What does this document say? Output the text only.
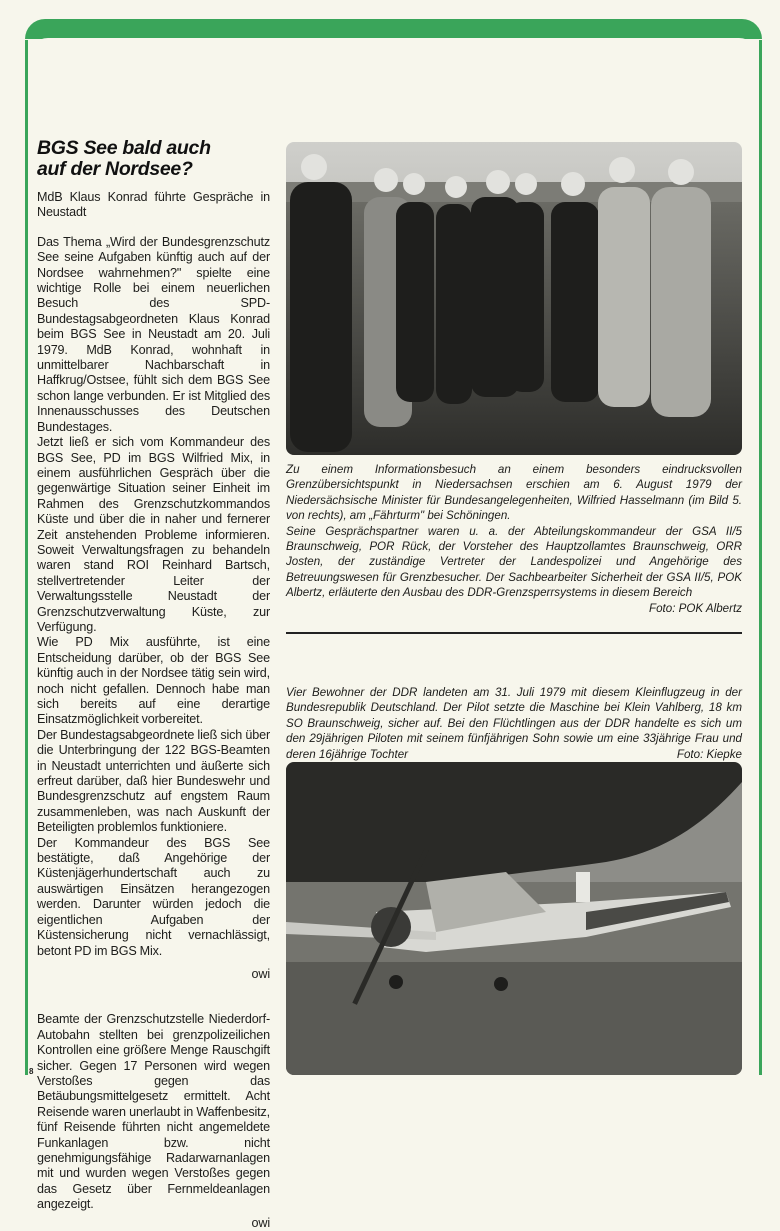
BGS See bald auch
auf der Nordsee?

MdB Klaus Konrad führte Gespräche in Neustadt

Das Thema „Wird der Bundesgrenzschutz See seine Aufgaben künftig auch auf der Nordsee wahrnehmen?" spielte eine wichtige Rolle bei einem neuerlichen Besuch des SPD-Bundestagsabgeordneten Klaus Konrad beim BGS See in Neustadt am 20. Juli 1979. MdB Konrad, wohnhaft in unmittelbarer Nachbarschaft in Haffkrug/Ostsee, fühlt sich dem BGS See schon lange verbunden. Er ist Mitglied des Innenausschusses des Deutschen Bundestages.

Jetzt ließ er sich vom Kommandeur des BGS See, PD im BGS Wilfried Mix, in einem ausführlichen Gespräch über die gegenwärtige Situation seiner Einheit im Rahmen des Grenzschutzkommandos Küste und über die in naher und fernerer Zeit anstehenden Probleme informieren. Soweit Verwaltungsfragen zu behandeln waren stand ROI Reinhard Bartsch, stellvertretender Leiter der Verwaltungsstelle Neustadt der Grenzschutzverwaltung Küste, zur Verfügung.

Wie PD Mix ausführte, ist eine Entscheidung darüber, ob der BGS See künftig auch in der Nordsee tätig sein wird, noch nicht gefallen. Dennoch habe man sich bereits auf eine derartige Einsatzmöglichkeit vorbereitet.

Der Bundestagsabgeordnete ließ sich über die Unterbringung der 122 BGS-Beamten in Neustadt unterrichten und äußerte sich erfreut darüber, daß hier Bundeswehr und Bundesgrenzschutz auf engstem Raum zusammenleben, was nach Auskunft der Beteiligten problemlos funktioniere.

Der Kommandeur des BGS See bestätigte, daß Angehörige der Küstenjägerhundertschaft auch zu auswärtigen Einsätzen herangezogen werden. Darunter würden jedoch die eigentlichen Aufgaben der Küstensicherung nicht vernachlässigt, betont PD im BGS Mix.

owi

Beamte der Grenzschutzstelle Niederdorf-Autobahn stellten bei grenzpolizeilichen Kontrollen eine größere Menge Rauschgift sicher. Gegen 17 Personen wird wegen Verstoßes gegen das Betäubungsmittelgesetz ermittelt. Acht Reisende waren unerlaubt in Waffenbesitz, fünf Reisende führten nicht angemeldete Funkanlagen bzw. nicht genehmigungsfähige Radarwarnanlagen mit und wurden wegen Verstoßes gegen das Gesetz über Fernmeldeanlagen angezeigt.

owi

8

Zu einem Informationsbesuch an einem besonders eindrucksvollen Grenzübersichtspunkt in Niedersachsen erschien am 6. August 1979 der Niedersächsische Minister für Bundesangelegenheiten, Wilfried Hasselmann (im Bild 5. von rechts), am „Fährturm" bei Schöningen.

Seine Gesprächspartner waren u. a. der Abteilungskommandeur der GSA II/5 Braunschweig, POR Rück, der Vorsteher des Hauptzollamtes Braunschweig, ORR Josten, der zuständige Vertreter der Landespolizei und Angehörige des Betreuungswesen für Grenzbesucher. Der Sachbearbeiter Sicherheit der GSA II/5, POK Albertz, erläuterte den Ausbau des DDR-Grenzsperrsystems in diesem Bereich
Foto: POK Albertz

Vier Bewohner der DDR landeten am 31. Juli 1979 mit diesem Kleinflugzeug in der Bundesrepublik Deutschland. Der Pilot setzte die Maschine bei Klein Vahlberg, 18 km SO Braunschweig, sicher auf. Bei den Flüchtlingen aus der DDR handelte es sich um den 29jährigen Piloten mit seinem fünfjährigen Sohn sowie um eine 33jährige Frau und deren 16jährige Tochter	Foto: Kiepke
